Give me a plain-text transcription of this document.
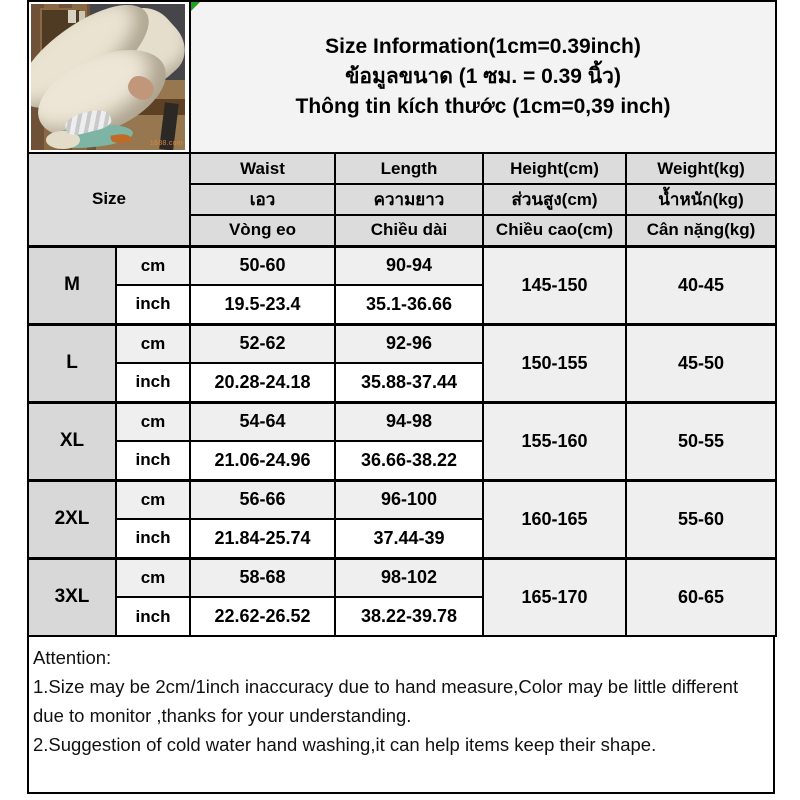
1688.com		Size Information(1cm=0.39inch)
ข้อมูลขนาด (1 ซม. = 0.39 นิ้ว)
Thông tin kích thước (1cm=0,39 inch)			

Size		Waist	Length	Height(cm)	Weight(kg)
		เอว	ความยาว	ส่วนสูง(cm)	น้ำหนัก(kg)
		Vòng eo	Chiều dài	Chiều cao(cm)	Cân nặng(kg)
M	cm	50-60	90-94	145-150	40-45
	inch	19.5-23.4	35.1-36.66		
L	cm	52-62	92-96	150-155	45-50
	inch	20.28-24.18	35.88-37.44		
XL	cm	54-64	94-98	155-160	50-55
	inch	21.06-24.96	36.66-38.22		
2XL	cm	56-66	96-100	160-165	55-60
	inch	21.84-25.74	37.44-39		
3XL	cm	58-68	98-102	165-170	60-65
	inch	22.62-26.52	38.22-39.78		

Attention:

1.Size may be 2cm/1inch inaccuracy due to hand measure,Color may be little different due to monitor ,thanks for your understanding.

2.Suggestion of cold water hand washing,it can help items keep their shape.
